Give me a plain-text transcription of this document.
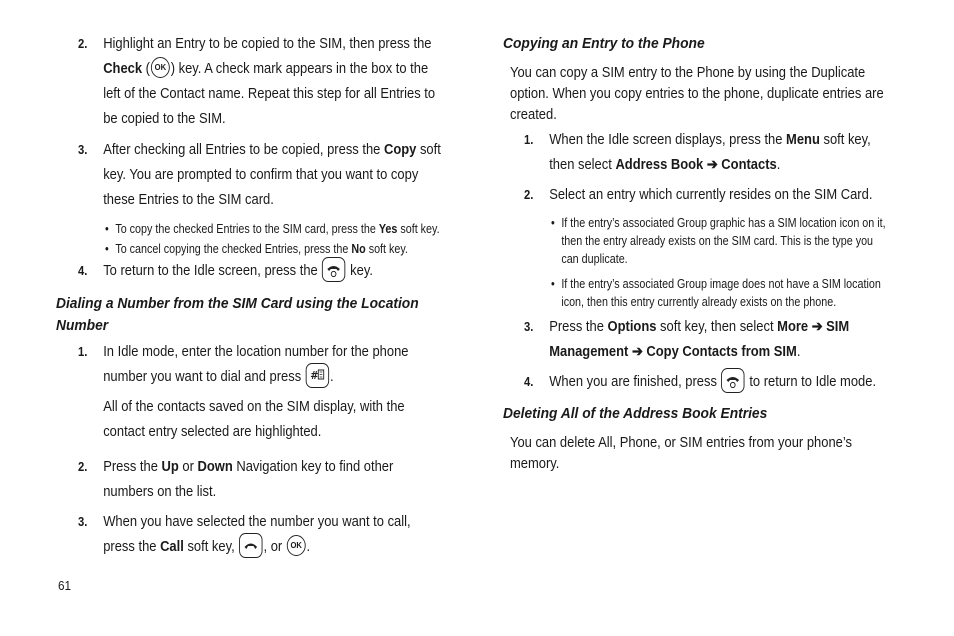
2. Highlight an Entry to be copied to the SIM, then press the
Check ( OK ) key. A check mark appears in the box to the
left of the Contact name. Repeat this step for all Entries to
be copied to the SIM.
3. After checking all Entries to be copied, press the Copy soft
key. You are prompted to confirm that you want to copy
these Entries to the SIM card.
• To copy the checked Entries to the SIM card, press the Yes soft key.
• To cancel copying the checked Entries, press the No soft key.
4. To return to the Idle screen, press the
key.
Dialing a Number from the SIM Card using the Location
Number
1. In Idle mode, enter the location number for the phone
number you want to dial and press # .
All of the contacts saved on the SIM display, with the
contact entry selected are highlighted.
2. Press the Up or Down Navigation key to find other
numbers on the list.
3. When you have selected the number you want to call,
press the Call soft key,
, or OK .
61
Copying an Entry to the Phone
You can copy a SIM entry to the Phone by using the Duplicate
option. When you copy entries to the phone, duplicate entries are
created.
1. When the Idle screen displays, press the Menu soft key,
then select Address Book ➔ Contacts.
2. Select an entry which currently resides on the SIM Card.
• If the entry’s associated Group graphic has a SIM location icon on it,
then the entry already exists on the SIM card. This is the type you
can duplicate.
• If the entry’s associated Group image does not have a SIM location
icon, then this entry currently already exists on the phone.
3. Press the Options soft key, then select More ➔ SIM
Management ➔ Copy Contacts from SIM.
4. When you are finished, press
to return to Idle mode.
Deleting All of the Address Book Entries
You can delete All, Phone, or SIM entries from your phone’s
memory.
